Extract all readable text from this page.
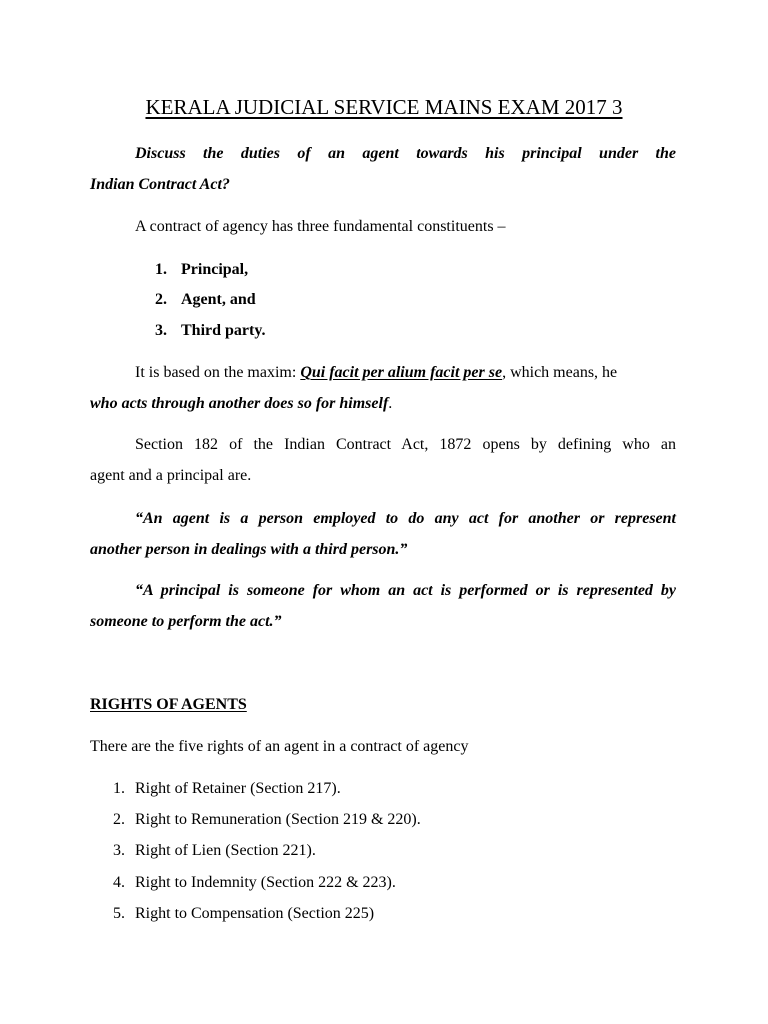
KERALA JUDICIAL SERVICE MAINS EXAM 2017 3
Discuss the duties of an agent towards his principal under the
Indian Contract Act?
A contract of agency has three fundamental constituents –
1. Principal,
2. Agent, and
3. Third party.
It is based on the maxim: Qui facit per alium facit per se, which means, he
who acts through another does so for himself.
Section 182 of the Indian Contract Act, 1872 opens by defining who an
agent and a principal are.
“An agent is a person employed to do any act for another or represent
another person in dealings with a third person.”
“A principal is someone for whom an act is performed or is represented by
someone to perform the act.”
RIGHTS OF AGENTS
There are the five rights of an agent in a contract of agency
1. Right of Retainer (Section 217).
2. Right to Remuneration (Section 219 & 220).
3. Right of Lien (Section 221).
4. Right to Indemnity (Section 222 & 223).
5. Right to Compensation (Section 225)
